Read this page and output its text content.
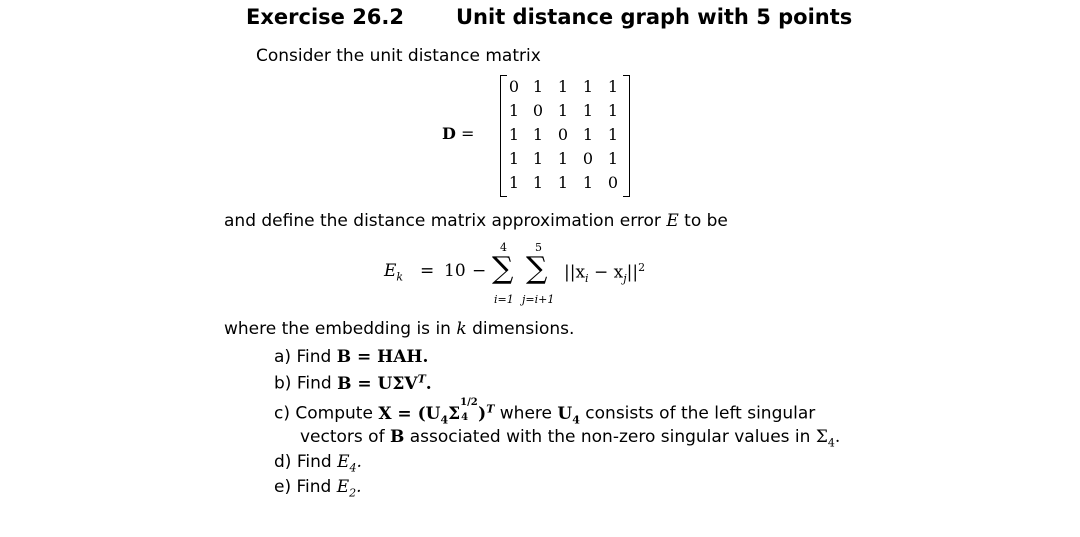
Exercise 26.2 Unit distance graph with 5 points
Consider the unit distance matrix
D =
0 1 1 1 1
1 0 1 1 1
1 1 0 1 1
1 1 1 0 1
1 1 1 1 0
and define the distance matrix approximation error E to be
$E_k = 10$ −
4
∑
i=1
5
∑
j=i+1
$||x_i - x_j||^2$
where the embedding is in k dimensions.
a) Find B = HAH.
b) Find $B = U\Sigma V^T$.
c) Compute $X = (U_4\Sigma$
1/2
4 )$^T$ where $U_4$ consists of the left singular
vectors of B associated with the non-zero singular values in $\Sigma_4$.
d) Find $E_4$.
e) Find $E_2$.
